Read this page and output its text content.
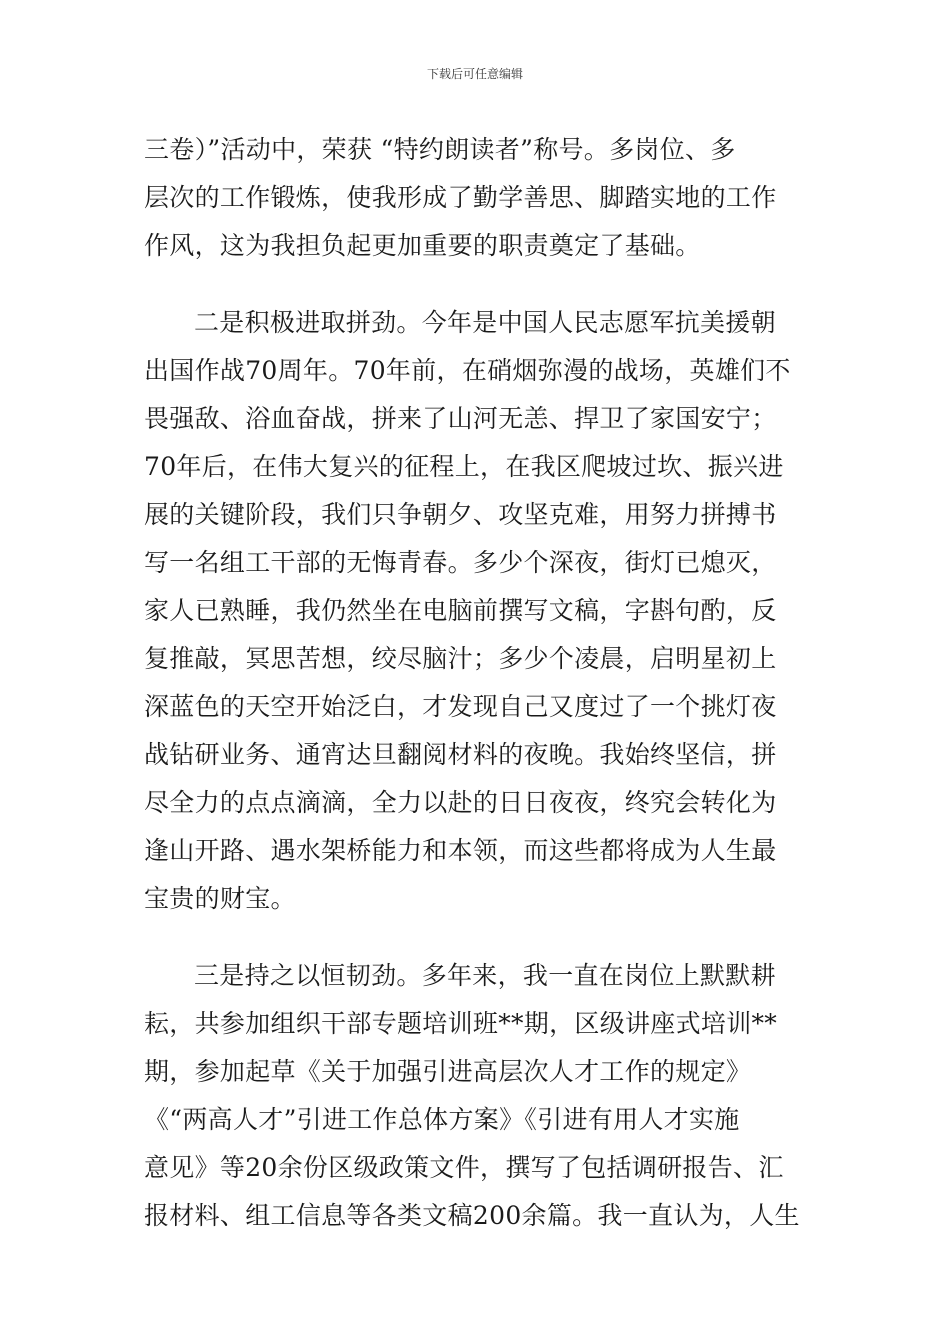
下载后可任意编辑
三卷）”活动中，荣获 “特约朗读者”称号。多岗位、多
层次的工作锻炼，使我形成了勤学善思、脚踏实地的工作
作风，这为我担负起更加重要的职责奠定了基础。
二是积极进取拼劲。今年是中国人民志愿军抗美援朝
出国作战70周年。70年前，在硝烟弥漫的战场，英雄们不
畏强敌、浴血奋战，拼来了山河无恙、捍卫了家国安宁；
70年后，在伟大复兴的征程上，在我区爬坡过坎、振兴进
展的关键阶段，我们只争朝夕、攻坚克难，用努力拼搏书
写一名组工干部的无悔青春。多少个深夜，街灯已熄灭，
家人已熟睡，我仍然坐在电脑前撰写文稿，字斟句酌，反
复推敲，冥思苦想，绞尽脑汁；多少个凌晨，启明星初上
深蓝色的天空开始泛白，才发现自己又度过了一个挑灯夜
战钻研业务、通宵达旦翻阅材料的夜晚。我始终坚信，拼
尽全力的点点滴滴，全力以赴的日日夜夜，终究会转化为
逢山开路、遇水架桥能力和本领，而这些都将成为人生最
宝贵的财宝。
三是持之以恒韧劲。多年来，我一直在岗位上默默耕
耘，共参加组织干部专题培训班**期，区级讲座式培训**
期，参加起草《关于加强引进高层次人才工作的规定》
《“两高人才”引进工作总体方案》《引进有用人才实施
意见》等20余份区级政策文件，撰写了包括调研报告、汇
报材料、组工信息等各类文稿200余篇。我一直认为，人生
